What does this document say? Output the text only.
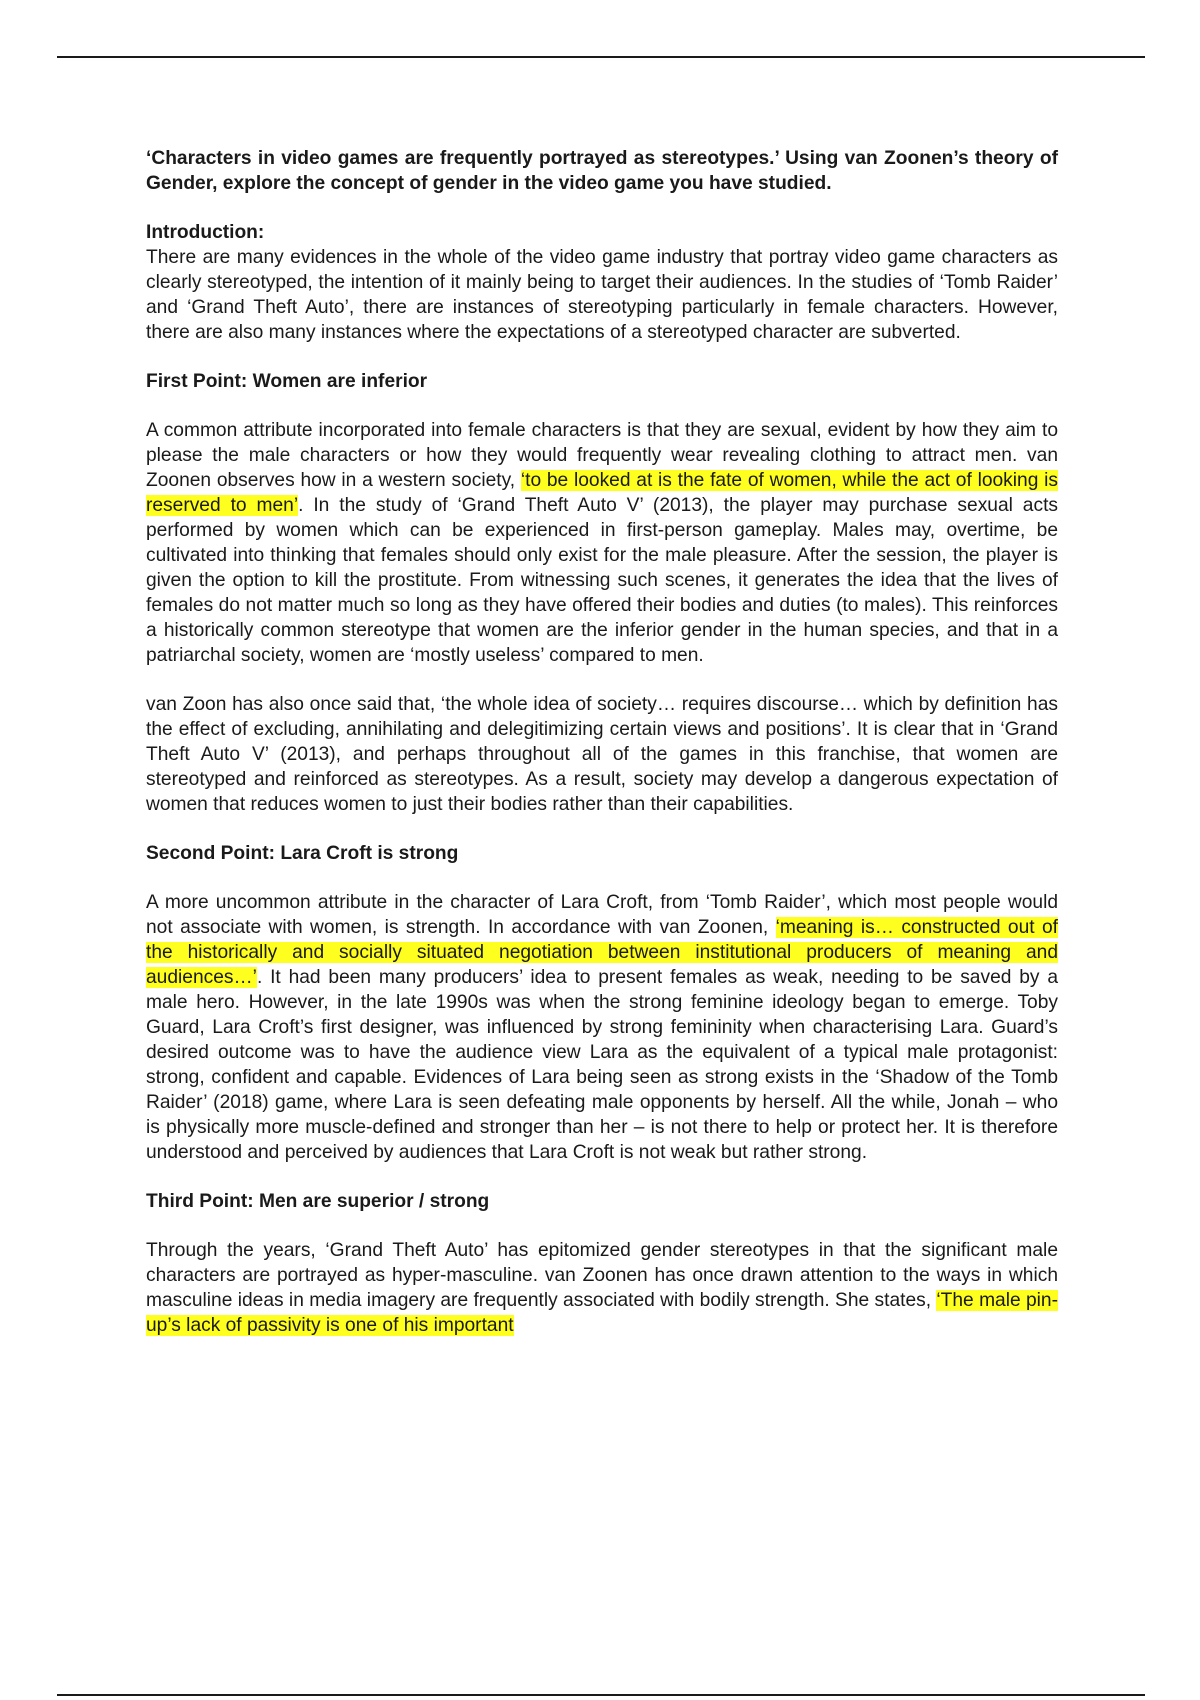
‘Characters in video games are frequently portrayed as stereotypes.’ Using van Zoonen’s theory of Gender, explore the concept of gender in the video game you have studied.

Introduction:

There are many evidences in the whole of the video game industry that portray video game characters as clearly stereotyped, the intention of it mainly being to target their audiences. In the studies of ‘Tomb Raider’ and ‘Grand Theft Auto’, there are instances of stereotyping particularly in female characters. However, there are also many instances where the expectations of a stereotyped character are subverted.

First Point: Women are inferior

A common attribute incorporated into female characters is that they are sexual, evident by how they aim to please the male characters or how they would frequently wear revealing clothing to attract men. van Zoonen observes how in a western society, ‘to be looked at is the fate of women, while the act of looking is reserved to men’. In the study of ‘Grand Theft Auto V’ (2013), the player may purchase sexual acts performed by women which can be experienced in first-person gameplay. Males may, overtime, be cultivated into thinking that females should only exist for the male pleasure. After the session, the player is given the option to kill the prostitute. From witnessing such scenes, it generates the idea that the lives of females do not matter much so long as they have offered their bodies and duties (to males). This reinforces a historically common stereotype that women are the inferior gender in the human species, and that in a patriarchal society, women are ‘mostly useless’ compared to men.

van Zoon has also once said that, ‘the whole idea of society… requires discourse… which by definition has the effect of excluding, annihilating and delegitimizing certain views and positions’. It is clear that in ‘Grand Theft Auto V’ (2013), and perhaps throughout all of the games in this franchise, that women are stereotyped and reinforced as stereotypes. As a result, society may develop a dangerous expectation of women that reduces women to just their bodies rather than their capabilities.

Second Point: Lara Croft is strong

A more uncommon attribute in the character of Lara Croft, from ‘Tomb Raider’, which most people would not associate with women, is strength. In accordance with van Zoonen, ‘meaning is… constructed out of the historically and socially situated negotiation between institutional producers of meaning and audiences…’. It had been many producers’ idea to present females as weak, needing to be saved by a male hero. However, in the late 1990s was when the strong feminine ideology began to emerge. Toby Guard, Lara Croft’s first designer, was influenced by strong femininity when characterising Lara. Guard’s desired outcome was to have the audience view Lara as the equivalent of a typical male protagonist: strong, confident and capable. Evidences of Lara being seen as strong exists in the ‘Shadow of the Tomb Raider’ (2018) game, where Lara is seen defeating male opponents by herself. All the while, Jonah – who is physically more muscle-defined and stronger than her – is not there to help or protect her. It is therefore understood and perceived by audiences that Lara Croft is not weak but rather strong.

Third Point: Men are superior / strong

Through the years, ‘Grand Theft Auto’ has epitomized gender stereotypes in that the significant male characters are portrayed as hyper-masculine. van Zoonen has once drawn attention to the ways in which masculine ideas in media imagery are frequently associated with bodily strength. She states, ‘The male pin-up’s lack of passivity is one of his important
